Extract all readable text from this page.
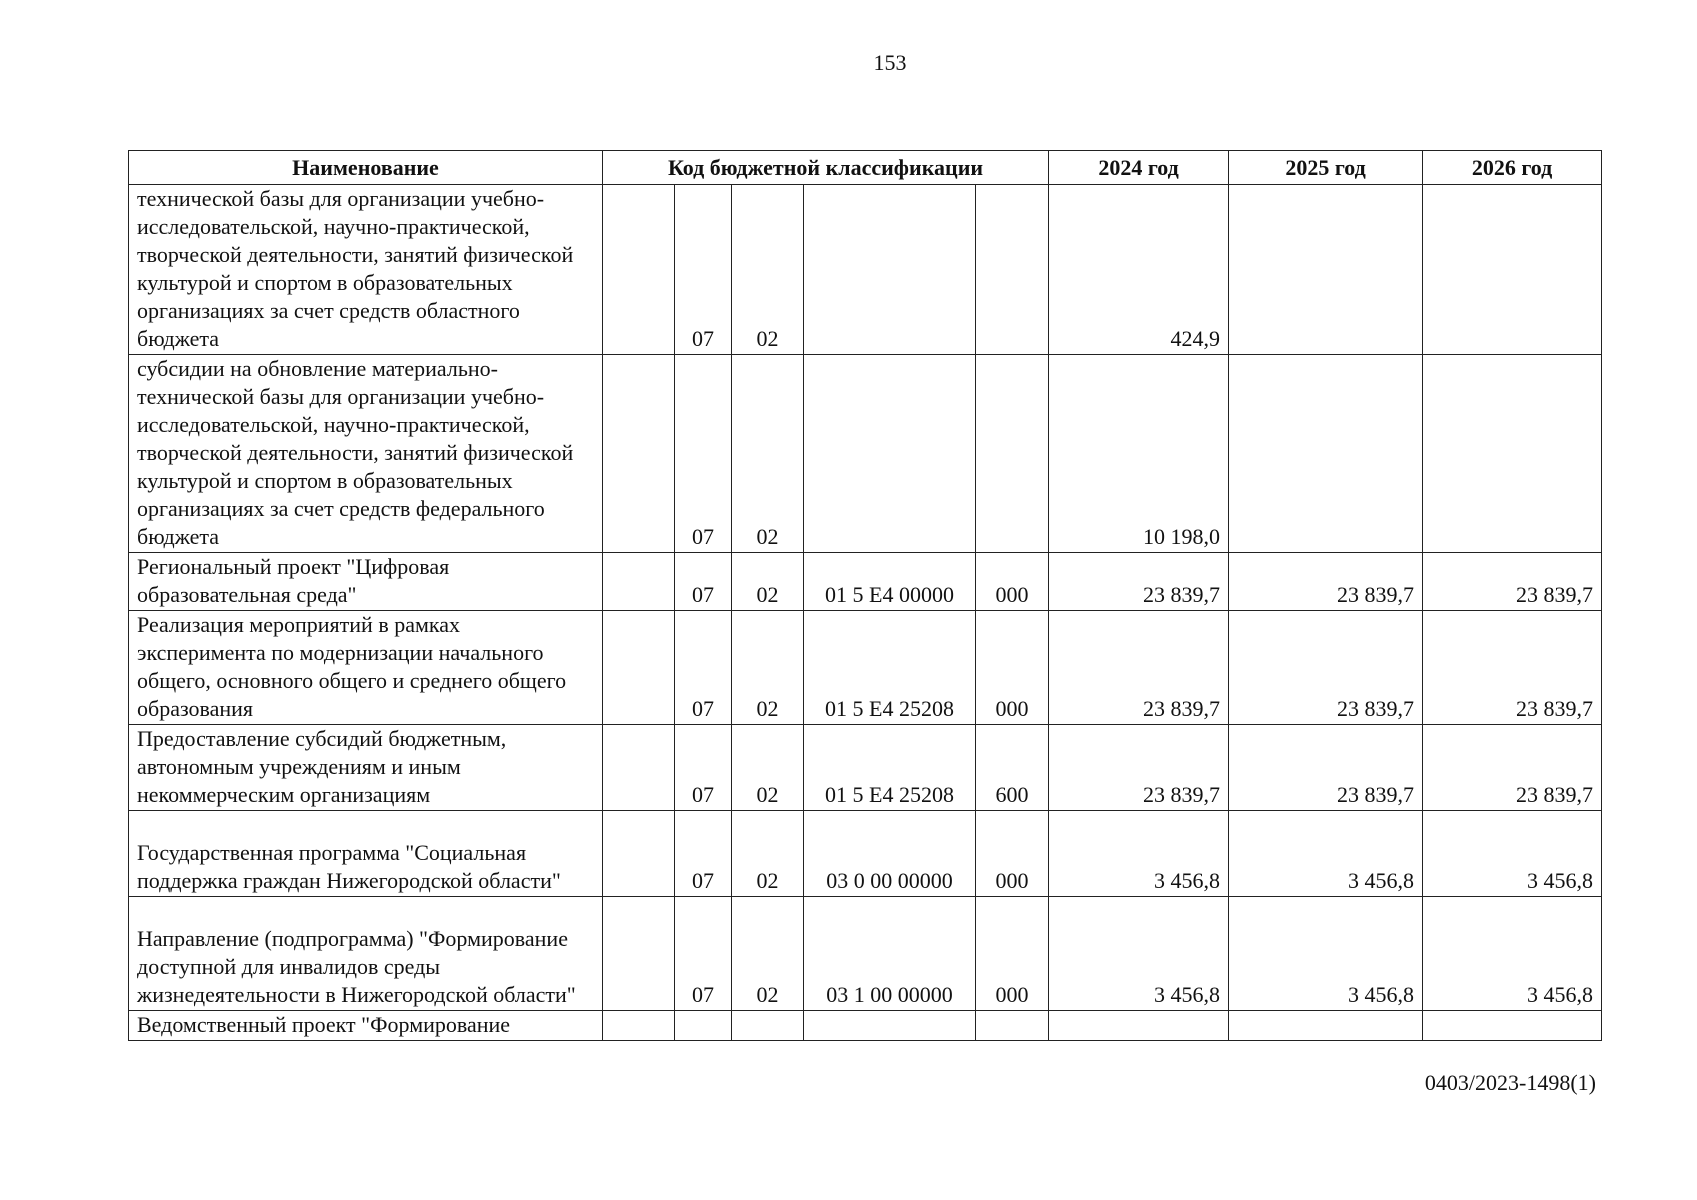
153
Наименование	Код бюджетной классификации					2024 год	2025 год	2026 год
технической базы для организации учебно-исследовательской, научно-практической, творческой деятельности, занятий физической культурой и спортом в образовательных организациях за счет средств областного бюджета		07	02			424,9		
субсидии на обновление материально-технической базы для организации учебно-исследовательской, научно-практической, творческой деятельности, занятий физической культурой и спортом в образовательных организациях за счет средств федерального бюджета		07	02			10 198,0		
Региональный проект "Цифровая образовательная среда"		07	02	01 5 E4 00000	000	23 839,7	23 839,7	23 839,7
Реализация мероприятий в рамках эксперимента по модернизации начального общего, основного общего и среднего общего образования		07	02	01 5 E4 25208	000	23 839,7	23 839,7	23 839,7
Предоставление субсидий бюджетным, автономным учреждениям и иным некоммерческим организациям		07	02	01 5 E4 25208	600	23 839,7	23 839,7	23 839,7
Государственная программа "Социальная поддержка граждан Нижегородской области"		07	02	03 0 00 00000	000	3 456,8	3 456,8	3 456,8
Направление (подпрограмма) "Формирование доступной для инвалидов среды жизнедеятельности в Нижегородской области"		07	02	03 1 00 00000	000	3 456,8	3 456,8	3 456,8
Ведомственный проект "Формирование								
0403/2023-1498(1)
